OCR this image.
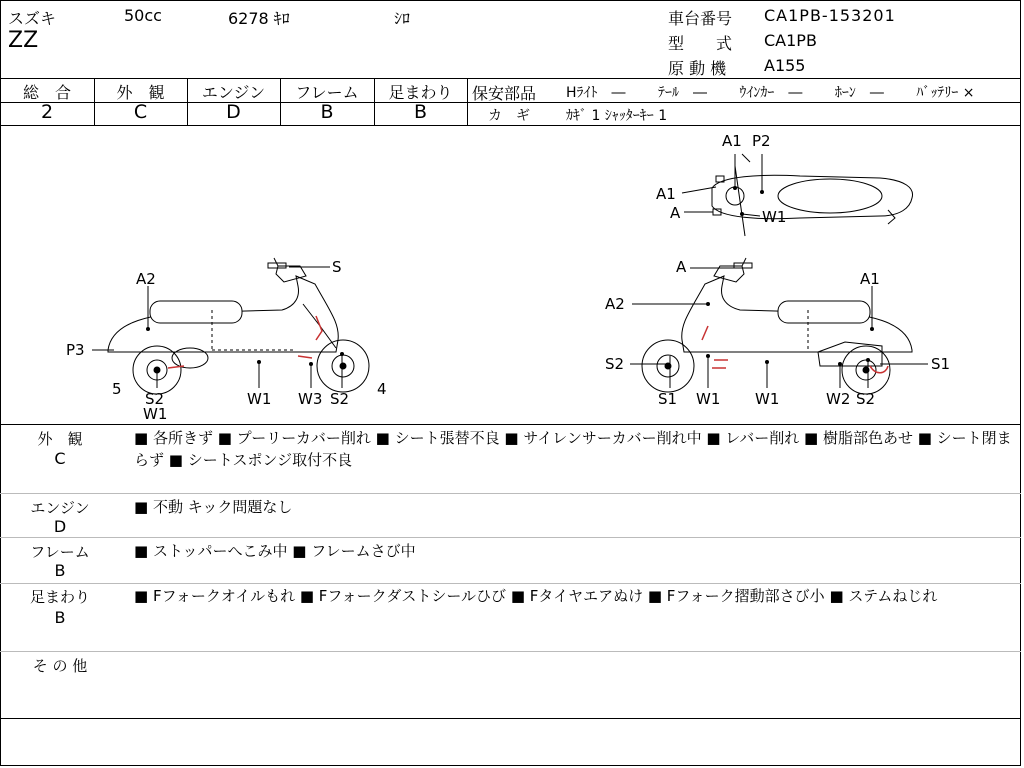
スズキ	50cc	6278 ｷﾛ	ｼﾛ
ZZ
車台番号 CA1PB-153201
型　　式 CA1PB
原 動 機 A155
総　合	外　観	エンジン	フレーム	足まわり
2	C	D	B	B
保安部品 Hﾗｲﾄ　―　　 ﾃｰﾙ　―　　 ｳｲﾝｶｰ　―　　 ﾎｰﾝ　―　　 ﾊﾞｯﾃﾘｰ ×
カ　ギ	ｶｷﾞ 1 ｼｬｯﾀｰｷｰ 1
S
A2
P3
5
S2
W1
W1 W3 S2
4
A
A1
A2
S2
S1 W1 W1	W2 S2
S1
A1 P2
A1
A	W1
外　観
C
■ 各所きず ■ プーリーカバー削れ ■ シート張替不良 ■ サイレンサーカバー削れ中 ■ レバー削れ ■ 樹脂部色あせ ■ シート閉まらず ■ シートスポンジ取付不良
エンジン
D
■ 不動 キック問題なし
フレーム
B
■ ストッパーへこみ中 ■ フレームさび中
足まわり
B
■ Fフォークオイルもれ ■ Fフォークダストシールひび ■ Fタイヤエアぬけ ■ Fフォーク摺動部さび小 ■ ステムねじれ
そ の 他
